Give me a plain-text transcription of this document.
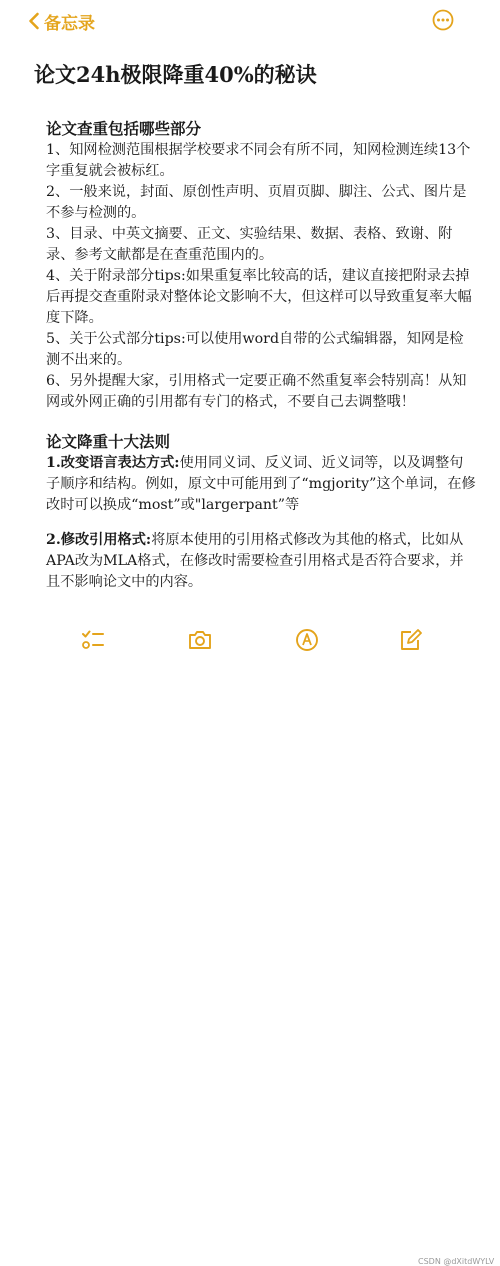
备忘录
论文24h极限降重40%的秘诀

论文查重包括哪些部分

1、知网检测范围根据学校要求不同会有所不同，知网检测连续13个字重复就会被标红。

2、一般来说，封面、原创性声明、页眉页脚、脚注、公式、图片是不参与检测的。

3、目录、中英文摘要、正文、实验结果、数据、表格、致谢、附录、参考文献都是在查重范围内的。

4、关于附录部分tips:如果重复率比较高的话，建议直接把附录去掉后再提交查重附录对整体论文影响不大，但这样可以导致重复率大幅度下降。

5、关于公式部分tips:可以使用word自带的公式编辑器，知网是检测不出来的。

6、另外提醒大家，引用格式一定要正确不然重复率会特别高！从知网或外网正确的引用都有专门的格式，不要自己去调整哦！

论文降重十大法则

1.改变语言表达方式:使用同义词、反义词、近义词等，以及调整句子顺序和结构。例如，原文中可能用到了“mgjority”这个单词，在修改时可以换成“most”或"largerpant”等

2.修改引用格式:将原本使用的引用格式修改为其他的格式，比如从APA改为MLA格式，在修改时需要检查引用格式是否符合要求，并且不影响论文中的内容。

CSDN @dXitdWYLV
